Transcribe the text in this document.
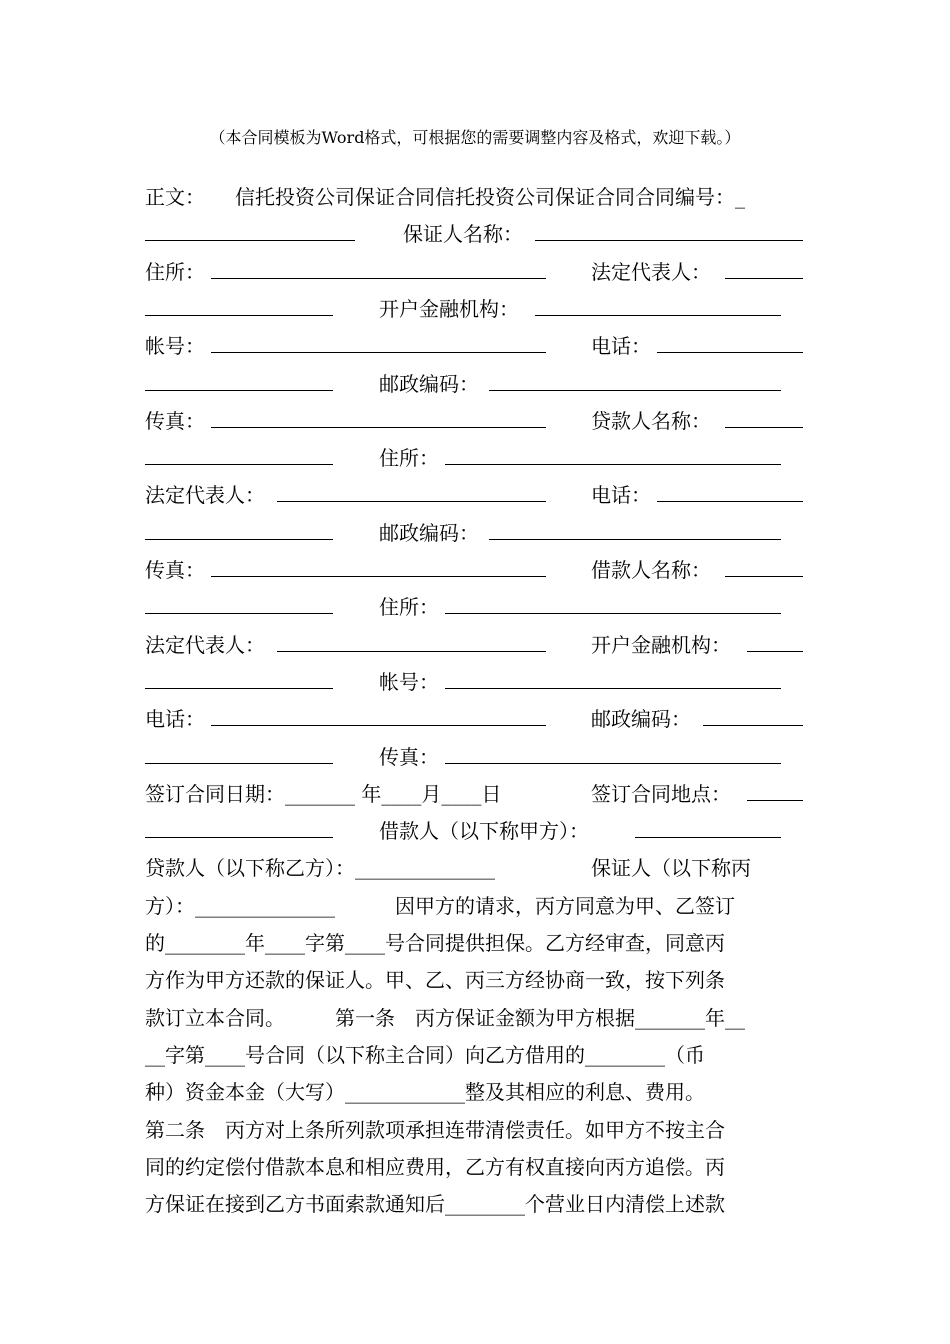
（本合同模板为Word格式，可根据您的需要调整内容及格式，欢迎下载。）
正文：　　信托投资公司保证合同信托投资公司保证合同合同编号：_
保证人名称：
住所：	法定代表人：
开户金融机构：
帐号：	电话：
邮政编码：
传真：	贷款人名称：
住所：
法定代表人：	电话：
邮政编码：
传真：	借款人名称：
住所：
法定代表人：	开户金融机构：
帐号：
电话：	邮政编码：
传真：
签订合同日期：_______ 年____月____日	签订合同地点：
借款人（以下称甲方）：
贷款人（以下称乙方）：______________	保证人（以下称丙
方）：______________　　　因甲方的请求，丙方同意为甲、乙签订
的________年____字第____号合同提供担保。乙方经审查，同意丙
方作为甲方还款的保证人。甲、乙、丙三方经协商一致，按下列条
款订立本合同。　　　第一条　丙方保证金额为甲方根据_______年__
__字第____号合同（以下称主合同）向乙方借用的________（币
种）资金本金（大写）____________整及其相应的利息、费用。
第二条　丙方对上条所列款项承担连带清偿责任。如甲方不按主合
同的约定偿付借款本息和相应费用，乙方有权直接向丙方追偿。丙
方保证在接到乙方书面索款通知后________个营业日内清偿上述款
